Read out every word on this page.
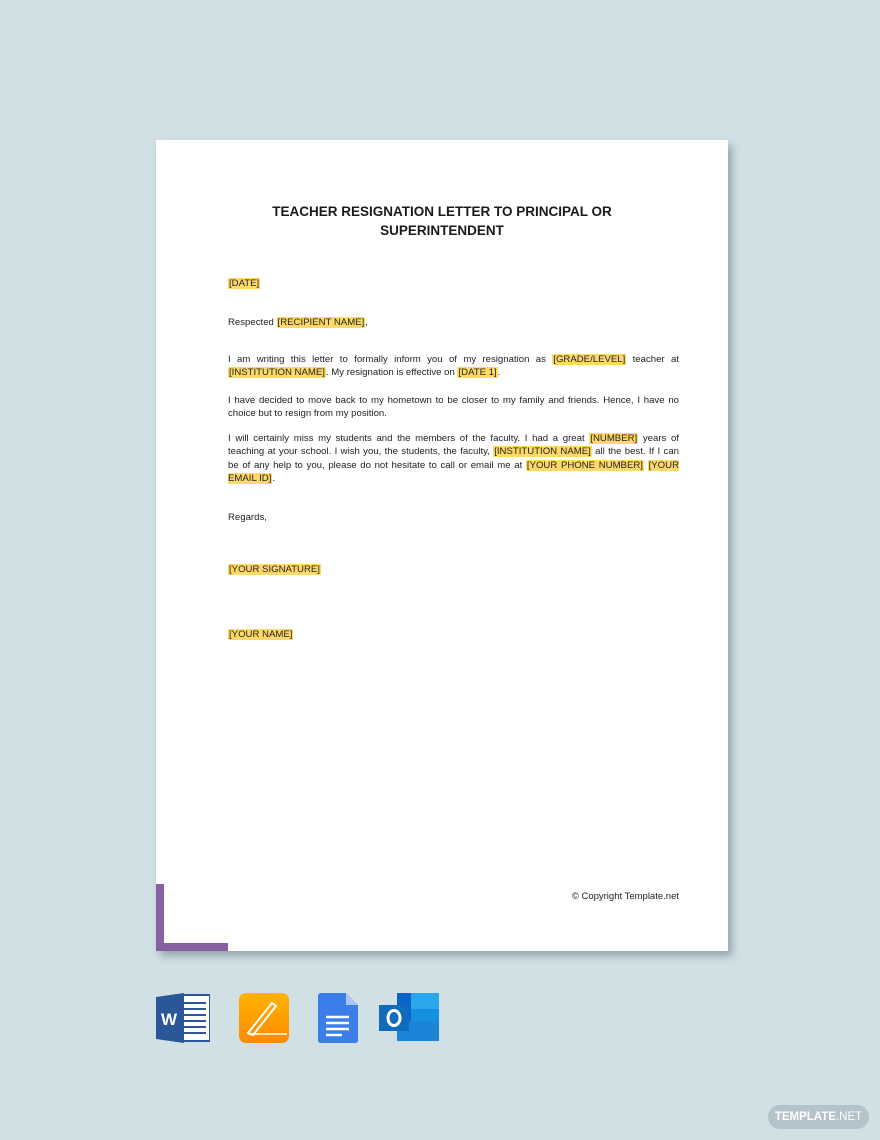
TEACHER RESIGNATION LETTER TO PRINCIPAL OR
SUPERINTENDENT
[DATE]
Respected [RECIPIENT NAME],
I am writing this letter to formally inform you of my resignation as [GRADE/LEVEL] teacher at [INSTITUTION NAME]. My resignation is effective on [DATE 1].
I have decided to move back to my hometown to be closer to my family and friends. Hence, I have no choice but to resign from my position.
I will certainly miss my students and the members of the faculty. I had a great [NUMBER] years of teaching at your school. I wish you, the students, the faculty, [INSTITUTION NAME] all the best. If I can be of any help to you, please do not hesitate to call or email me at [YOUR PHONE NUMBER] [YOUR EMAIL ID].
Regards,
[YOUR SIGNATURE]
[YOUR NAME]
© Copyright Template.net
W
TEMPLATE.NET
